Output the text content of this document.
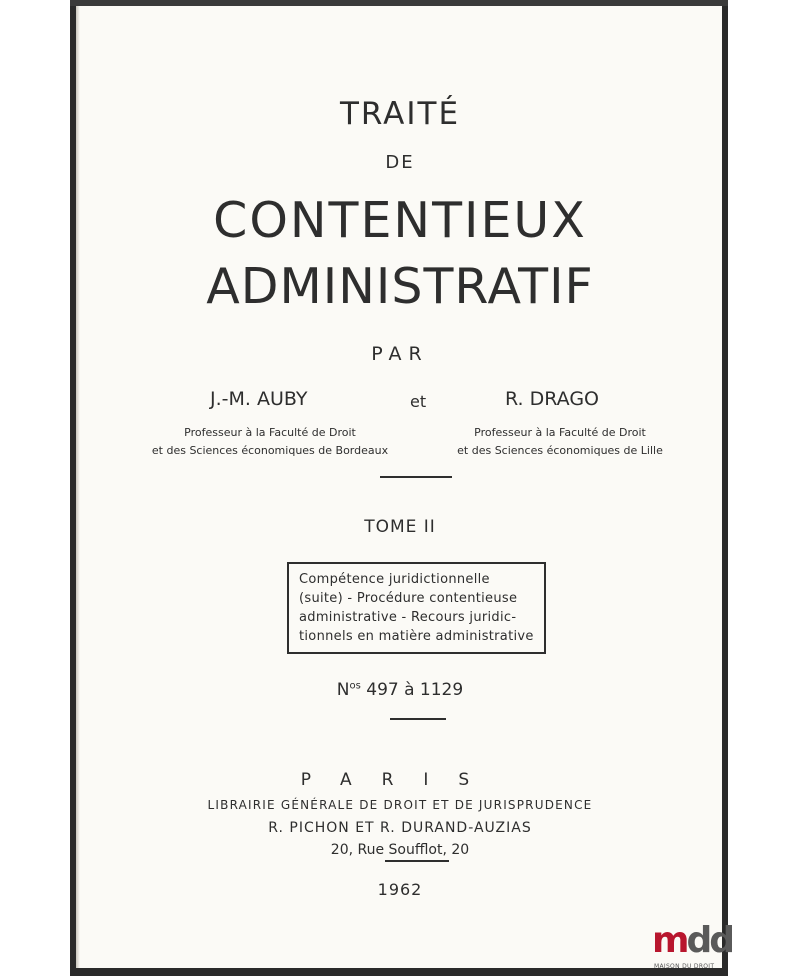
TRAITÉ
DE
CONTENTIEUX
ADMINISTRATIF
PAR
J.-M. AUBY	et	R. DRAGO
Professeur à la Faculté de Droit
et des Sciences économiques de Bordeaux
Professeur à la Faculté de Droit
et des Sciences économiques de Lille
TOME II
Compétence juridictionnelle
(suite) - Procédure contentieuse
administrative - Recours juridic-
tionnels en matière administrative
$N^{os}$ 497 à 1129
PARIS
LIBRAIRIE GÉNÉRALE DE DROIT ET DE JURISPRUDENCE
R. PICHON ET R. DURAND-AUZIAS
20, Rue Soufflot, 20
1962
mdd
MAISON DU DROIT
